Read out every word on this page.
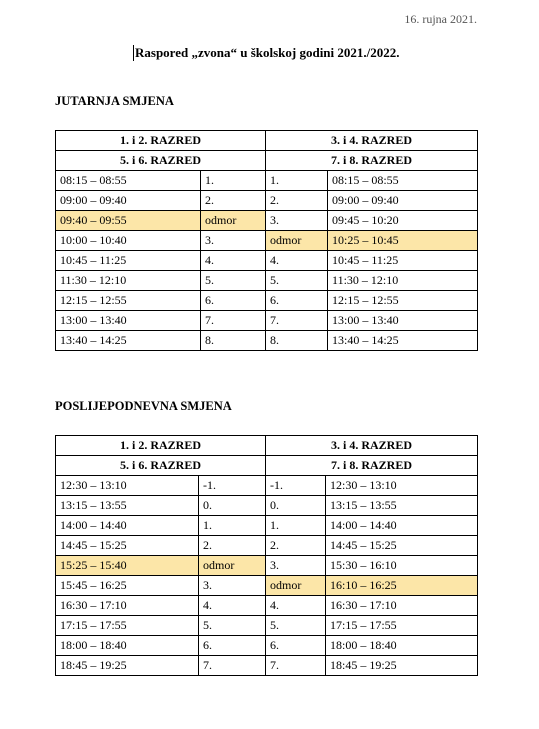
16. rujna 2021.
Raspored „zvona“ u školskoj godini 2021./2022.
JUTARNJA SMJENA
1. i 2. RAZRED		3. i 4. RAZRED	
5. i 6. RAZRED		7. i 8. RAZRED	
08:15 – 08:55	1.	1.	08:15 – 08:55
09:00 – 09:40	2.	2.	09:00 – 09:40
09:40 – 09:55	odmor	3.	09:45 – 10:20
10:00 – 10:40	3.	odmor	10:25 – 10:45
10:45 – 11:25	4.	4.	10:45 – 11:25
11:30 – 12:10	5.	5.	11:30 – 12:10
12:15 – 12:55	6.	6.	12:15 – 12:55
13:00 – 13:40	7.	7.	13:00 – 13:40
13:40 – 14:25	8.	8.	13:40 – 14:25
POSLIJEPODNEVNA SMJENA
1. i 2. RAZRED		3. i 4. RAZRED	
5. i 6. RAZRED		7. i 8. RAZRED	
12:30 – 13:10	-1.	-1.	12:30 – 13:10
13:15 – 13:55	0.	0.	13:15 – 13:55
14:00 – 14:40	1.	1.	14:00 – 14:40
14:45 – 15:25	2.	2.	14:45 – 15:25
15:25 – 15:40	odmor	3.	15:30 – 16:10
15:45 – 16:25	3.	odmor	16:10 – 16:25
16:30 – 17:10	4.	4.	16:30 – 17:10
17:15 – 17:55	5.	5.	17:15 – 17:55
18:00 – 18:40	6.	6.	18:00 – 18:40
18:45 – 19:25	7.	7.	18:45 – 19:25
